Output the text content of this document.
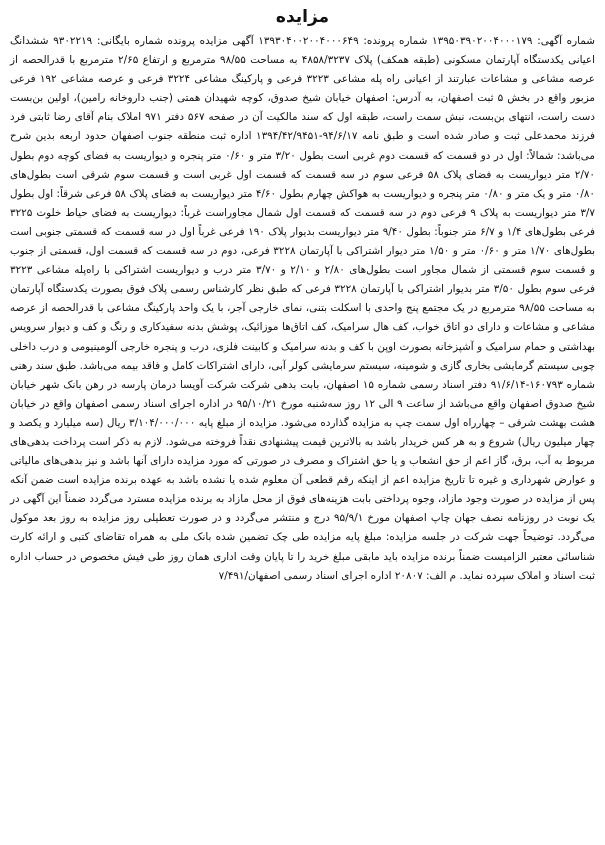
مزایده

شماره آگهی: ۱۳۹۵۰۳۹۰۲۰۰۴۰۰۰۱۷۹ شماره پرونده: ۱۳۹۳۰۴۰۰۲۰۰۴۰۰۰۶۴۹ آگهی مزایده پرونده شماره بایگانی: ۹۳۰۲۲۱۹ ششدانگ اعیانی یکدستگاه آپارتمان مسکونی (طبقه همکف) پلاک ۴۸۵۸/۳۲۳۷ به مساحت ۹۸/۵۵ مترمربع و ارتفاع ۲/۶۵ مترمربع با قدرالحصه از عرصه مشاعی و مشاعات عبارتند از اعیانی راه پله مشاعی ۳۲۲۳ فرعی و پارکینگ مشاعی ۳۲۲۴ فرعی و عرصه مشاعی ۱۹۲ فرعی مزبور واقع در بخش ۵ ثبت اصفهان، به آدرس: اصفهان خیابان شیخ صدوق، کوچه شهیدان همتی (جنب داروخانه رامین)، اولین بن‌بست دست راست، انتهای بن‌بست، نبش سمت راست، طبقه اول که سند مالکیت آن در صفحه ۵۶۷ دفتر ۹۷۱ املاک بنام آقای رضا ثابتی فرد فرزند محمدعلی ثبت و صادر شده است و طبق نامه ۹۴/۶/۱۷-۱۳۹۴/۴۲/۹۴۵۱ اداره ثبت منطقه جنوب اصفهان حدود اربعه بدین شرح می‌باشد: شمالاً: اول در دو قسمت که قسمت دوم غربی است بطول ۳/۲۰ متر و ۰/۶۰ متر پنجره و دیواریست به فضای کوچه دوم بطول ۲/۷۰ متر دیواریست به فضای پلاک ۵۸ فرعی سوم در سه قسمت که قسمت اول غربی است و قسمت سوم شرقی است بطول‌های ۰/۸۰ متر و یک متر و ۰/۸۰ متر پنجره و دیواریست به هواکش چهارم بطول ۴/۶۰ متر دیواریست به فضای پلاک ۵۸ فرعی شرقاً: اول بطول ۳/۷ متر دیواریست به پلاک ۹ فرعی دوم در سه قسمت که قسمت اول شمال مجاوراست غرباً: دیواریست به فضای حیاط خلوت ۳۲۲۵ فرعی بطول‌های ۱/۴ و ۶/۷ متر جنوباً: بطول ۹/۴۰ متر دیواریست بدیوار پلاک ۱۹۰ فرعی غرباً اول در سه قسمت که قسمتی جنوبی است بطول‌های ۱/۷۰ متر و ۰/۶۰ متر و ۱/۵۰ متر دیوار اشتراکی با آپارتمان ۳۲۲۸ فرعی، دوم در سه قسمت که قسمت اول، قسمتی از جنوب و قسمت سوم قسمتی از شمال مجاور است بطول‌های ۲/۸۰ و ۲/۱۰ و ۳/۷۰ متر درب و دیواریست اشتراکی با راه‌پله مشاعی ۳۲۲۳ فرعی سوم بطول ۳/۵۰ متر بدیوار اشتراکی با آپارتمان ۳۲۲۸ فرعی که طبق نظر کارشناس رسمی پلاک فوق بصورت یکدستگاه آپارتمان به مساحت ۹۸/۵۵ مترمربع در یک مجتمع پنج واحدی با اسکلت بتنی، نمای خارجی آجر، با یک واحد پارکینگ مشاعی با قدرالحصه از عرصه مشاعی و مشاعات و دارای دو اتاق خواب، کف هال سرامیک، کف اتاق‌ها موزائیک، پوشش بدنه سفیدکاری و رنگ و کف و دیوار سرویس بهداشتی و حمام سرامیک و آشپزخانه بصورت اوپن با کف و بدنه سرامیک و کابینت فلزی، درب و پنجره خارجی آلومینیومی و درب داخلی چوبی سیستم گرمایشی بخاری گازی و شومینه، سیستم سرمایشی کولر آبی، دارای اشتراکات کامل و فاقد بیمه می‌باشد. طبق سند رهنی شماره ۱۶۰۷۹۳-۹۱/۶/۱۴ دفتر اسناد رسمی شماره ۱۵ اصفهان، بابت بدهی شرکت شرکت آویسا درمان پارسه در رهن بانک شهر خیابان شیخ صدوق اصفهان واقع می‌باشد از ساعت ۹ الی ۱۲ روز سه‌شنبه مورخ ۹۵/۱۰/۲۱ در اداره اجرای اسناد رسمی اصفهان واقع در خیابان هشت بهشت شرقی – چهارراه اول سمت چپ به مزایده گذارده می‌شود. مزایده از مبلغ پایه ۳/۱۰۴/۰۰۰/۰۰۰ ریال (سه میلیارد و یکصد و چهار میلیون ریال) شروع و به هر کس خریدار باشد به بالاترین قیمت پیشنهادی نقداً فروخته می‌شود. لازم به ذکر است پرداخت بدهی‌های مربوط به آب، برق، گاز اعم از حق انشعاب و یا حق اشتراک و مصرف در صورتی که مورد مزایده دارای آنها باشد و نیز بدهی‌های مالیاتی و عوارض شهرداری و غیره تا تاریخ مزایده اعم از اینکه رقم قطعی آن معلوم شده یا نشده باشد به عهده برنده مزایده است ضمن آنکه پس از مزایده در صورت وجود مازاد، وجوه پرداختی بابت هزینه‌های فوق از محل مازاد به برنده مزایده مسترد می‌گردد ضمناً این آگهی در یک نوبت در روزنامه نصف جهان چاپ اصفهان مورخ ۹۵/۹/۱ درج و منتشر می‌گردد و در صورت تعطیلی روز مزایده به روز بعد موکول می‌گردد. توضیحاً جهت شرکت در جلسه مزایده: مبلغ پایه مزایده طی چک تضمین شده بانک ملی به همراه تقاضای کتبی و ارائه کارت شناسائی معتبر الزامیست ضمناً برنده مزایده باید مابقی مبلغ خرید را تا پایان وقت اداری همان روز طی فیش مخصوص در حساب اداره ثبت اسناد و املاک سپرده نماید. م الف: ۲۰۸۰۷ اداره اجرای اسناد رسمی اصفهان/۷/۴۹۱
